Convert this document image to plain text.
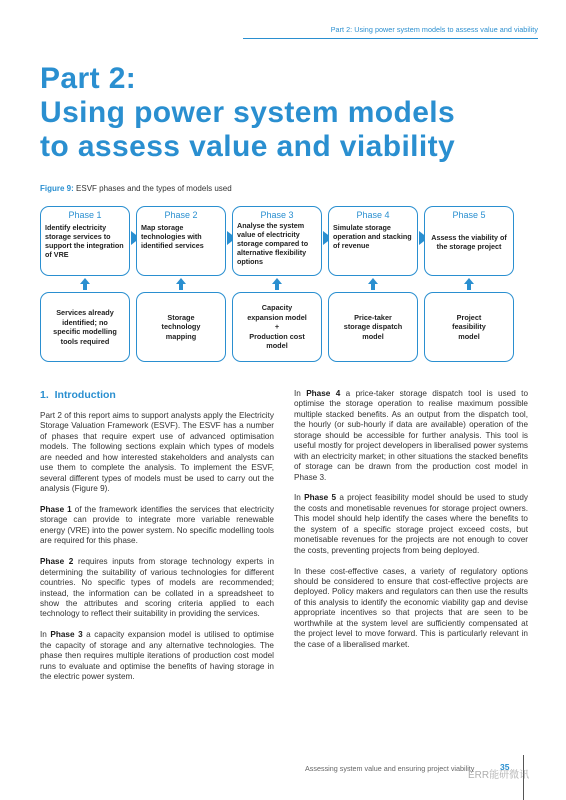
Part 2: Using power system models to assess value and viability
Part 2:
Using power system models
to assess value and viability
Figure 9: ESVF phases and the types of models used
Phase 1
Identify electricity storage services to support the integration of VRE
Phase 2
Map storage technologies with identified services
Phase 3
Analyse the system value of electricity storage compared to alternative flexibility options
Phase 4
Simulate storage operation and stacking of revenue
Phase 5
Assess the viability of the storage project
Services already
identified; no
specific modelling
tools required
Storage
technology
mapping
Capacity
expansion model
+
Production cost
model
Price-taker
storage dispatch
model
Project
feasibility
model
1. Introduction

Part 2 of this report aims to support analysts apply the Electricity Storage Valuation Framework (ESVF). The ESVF has a number of phases that require expert use of advanced optimisation models. The following sections explain which types of models are needed and how interested stakeholders and analysts can use them to complete the analysis. To implement the ESVF, several different types of models must be used to carry out the analysis (Figure 9).

Phase 1 of the framework identifies the services that electricity storage can provide to integrate more variable renewable energy (VRE) into the power system. No specific modelling tools are required for this phase.

Phase 2 requires inputs from storage technology experts in determining the suitability of various technologies for different countries. No specific types of models are recommended; instead, the information can be collated in a spreadsheet to show the attributes and scoring criteria applied to each technology to reflect their suitability in providing the services.

In Phase 3 a capacity expansion model is utilised to optimise the capacity of storage and any alternative technologies. The phase then requires multiple iterations of production cost model runs to evaluate and optimise the benefits of having storage in the electric power system.

In Phase 4 a price-taker storage dispatch tool is used to optimise the storage operation to realise maximum possible multiple stacked benefits. As an output from the dispatch tool, the hourly (or sub-hourly if data are available) operation of the storage should be accessible for further analysis. This tool is useful mostly for project developers in liberalised power systems with an electricity market; in other situations the stacked benefits of storage can be drawn from the production cost model in Phase 3.

In Phase 5 a project feasibility model should be used to study the costs and monetisable revenues for storage project owners. This model should help identify the cases where the benefits to the system of a specific storage project exceed costs, but monetisable revenues for the projects are not enough to cover the costs, preventing projects from being deployed.

In these cost-effective cases, a variety of regulatory options should be considered to ensure that cost-effective projects are deployed. Policy makers and regulators can then use the results of this analysis to identify the economic viability gap and devise appropriate incentives so that projects that are seen to be worthwhile at the system level are sufficiently compensated at the project level to move forward. This is particularly relevant in the case of a liberalised market.

Assessing system value and ensuring project viability	35
ERR能研微讯
